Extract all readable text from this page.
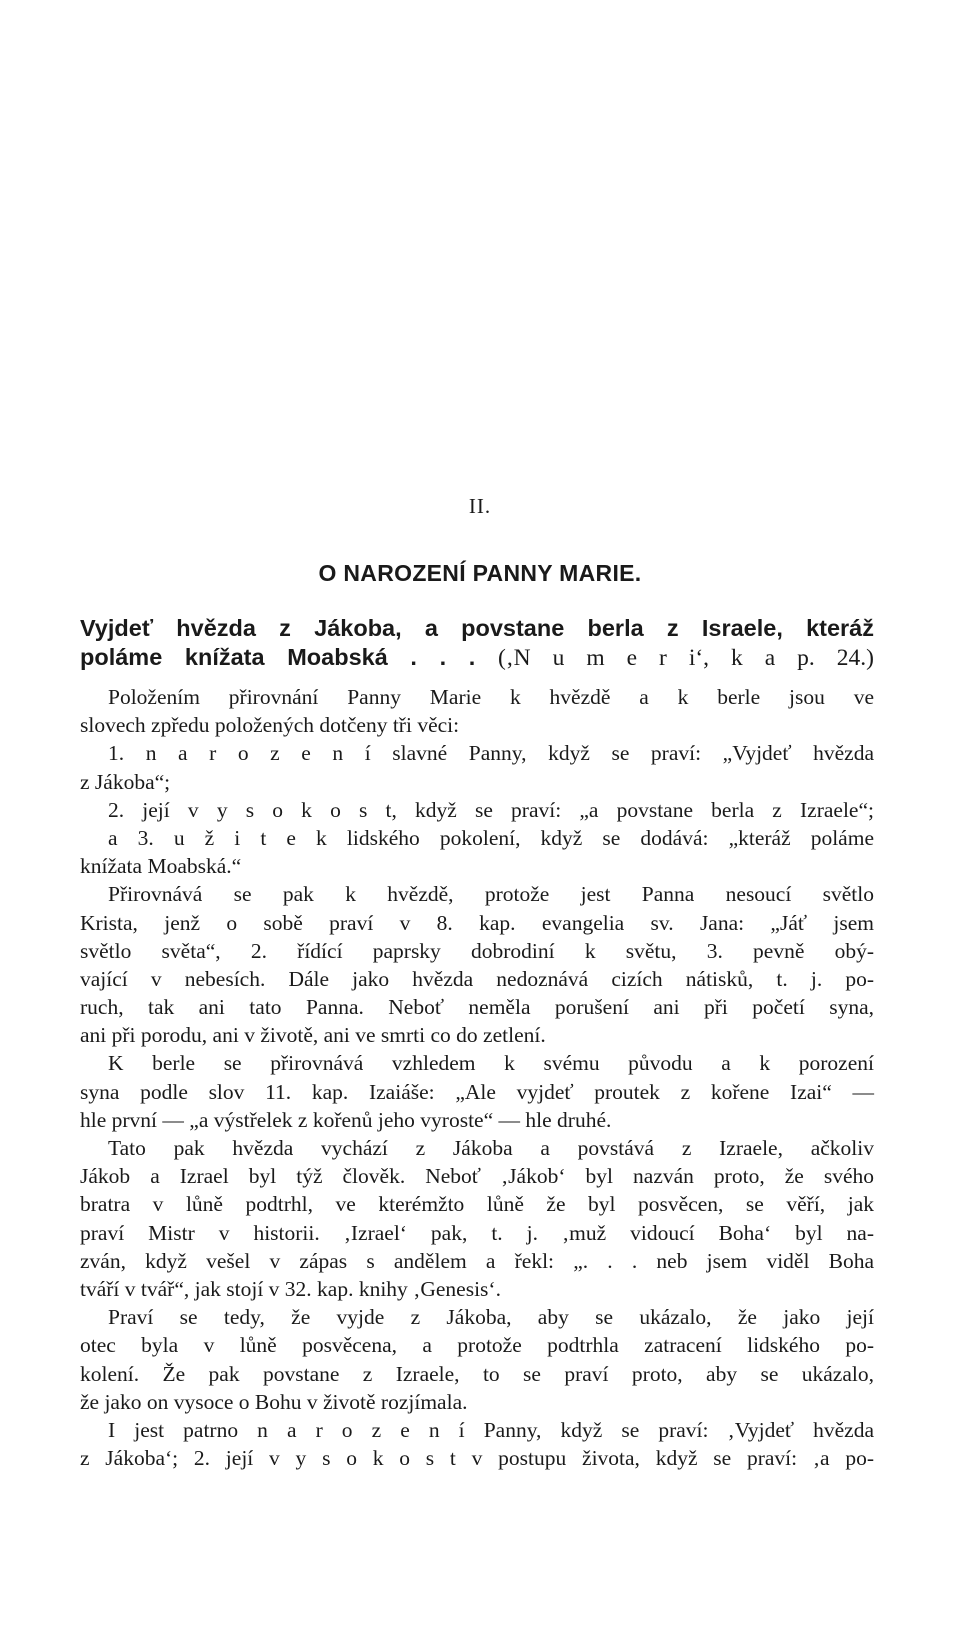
II.
O NAROZENÍ PANNY MARIE.
Vyjdeť hvězda z Jákoba, a povstane berla z Israele, kteráž
poláme knížata Moabská . . . (‚N u m e r i‘, k a p. 24.)
Položením přirovnání Panny Marie k hvězdě a k berle jsou ve
slovech zpředu položených dotčeny tři věci:
1. n a r o z e n í slavné Panny, když se praví: „Vyjdeť hvězda
z Jákoba“;
2. její v y s o k o s t, když se praví: „a povstane berla z Izraele“;
a 3. u ž i t e k lidského pokolení, když se dodává: „kteráž poláme
knížata Moabská.“
Přirovnává se pak k hvězdě, protože jest Panna nesoucí světlo
Krista, jenž o sobě praví v 8. kap. evangelia sv. Jana: „Jáť jsem
světlo světa“, 2. řídící paprsky dobrodiní k světu, 3. pevně obý-
vající v nebesích. Dále jako hvězda nedoznává cizích nátisků, t. j. po-
ruch, tak ani tato Panna. Neboť neměla porušení ani při početí syna,
ani při porodu, ani v životě, ani ve smrti co do zetlení.
K berle se přirovnává vzhledem k svému původu a k porození
syna podle slov 11. kap. Izaiáše: „Ale vyjdeť proutek z kořene Izai“ —
hle první — „a výstřelek z kořenů jeho vyroste“ — hle druhé.
Tato pak hvězda vychází z Jákoba a povstává z Izraele, ačkoliv
Jákob a Izrael byl týž člověk. Neboť ‚Jákob‘ byl nazván proto, že svého
bratra v lůně podtrhl, ve kterémžto lůně že byl posvěcen, se věří, jak
praví Mistr v historii. ‚Izrael‘ pak, t. j. ‚muž vidoucí Boha‘ byl na-
zván, když vešel v zápas s andělem a řekl: „. . . neb jsem viděl Boha
tváří v tvář“, jak stojí v 32. kap. knihy ‚Genesis‘.
Praví se tedy, že vyjde z Jákoba, aby se ukázalo, že jako její
otec byla v lůně posvěcena, a protože podtrhla zatracení lidského po-
kolení. Že pak povstane z Izraele, to se praví proto, aby se ukázalo,
že jako on vysoce o Bohu v životě rozjímala.
I jest patrno n a r o z e n í Panny, když se praví: ‚Vyjdeť hvězda
z Jákoba‘; 2. její v y s o k o s t v postupu života, když se praví: ‚a po-
